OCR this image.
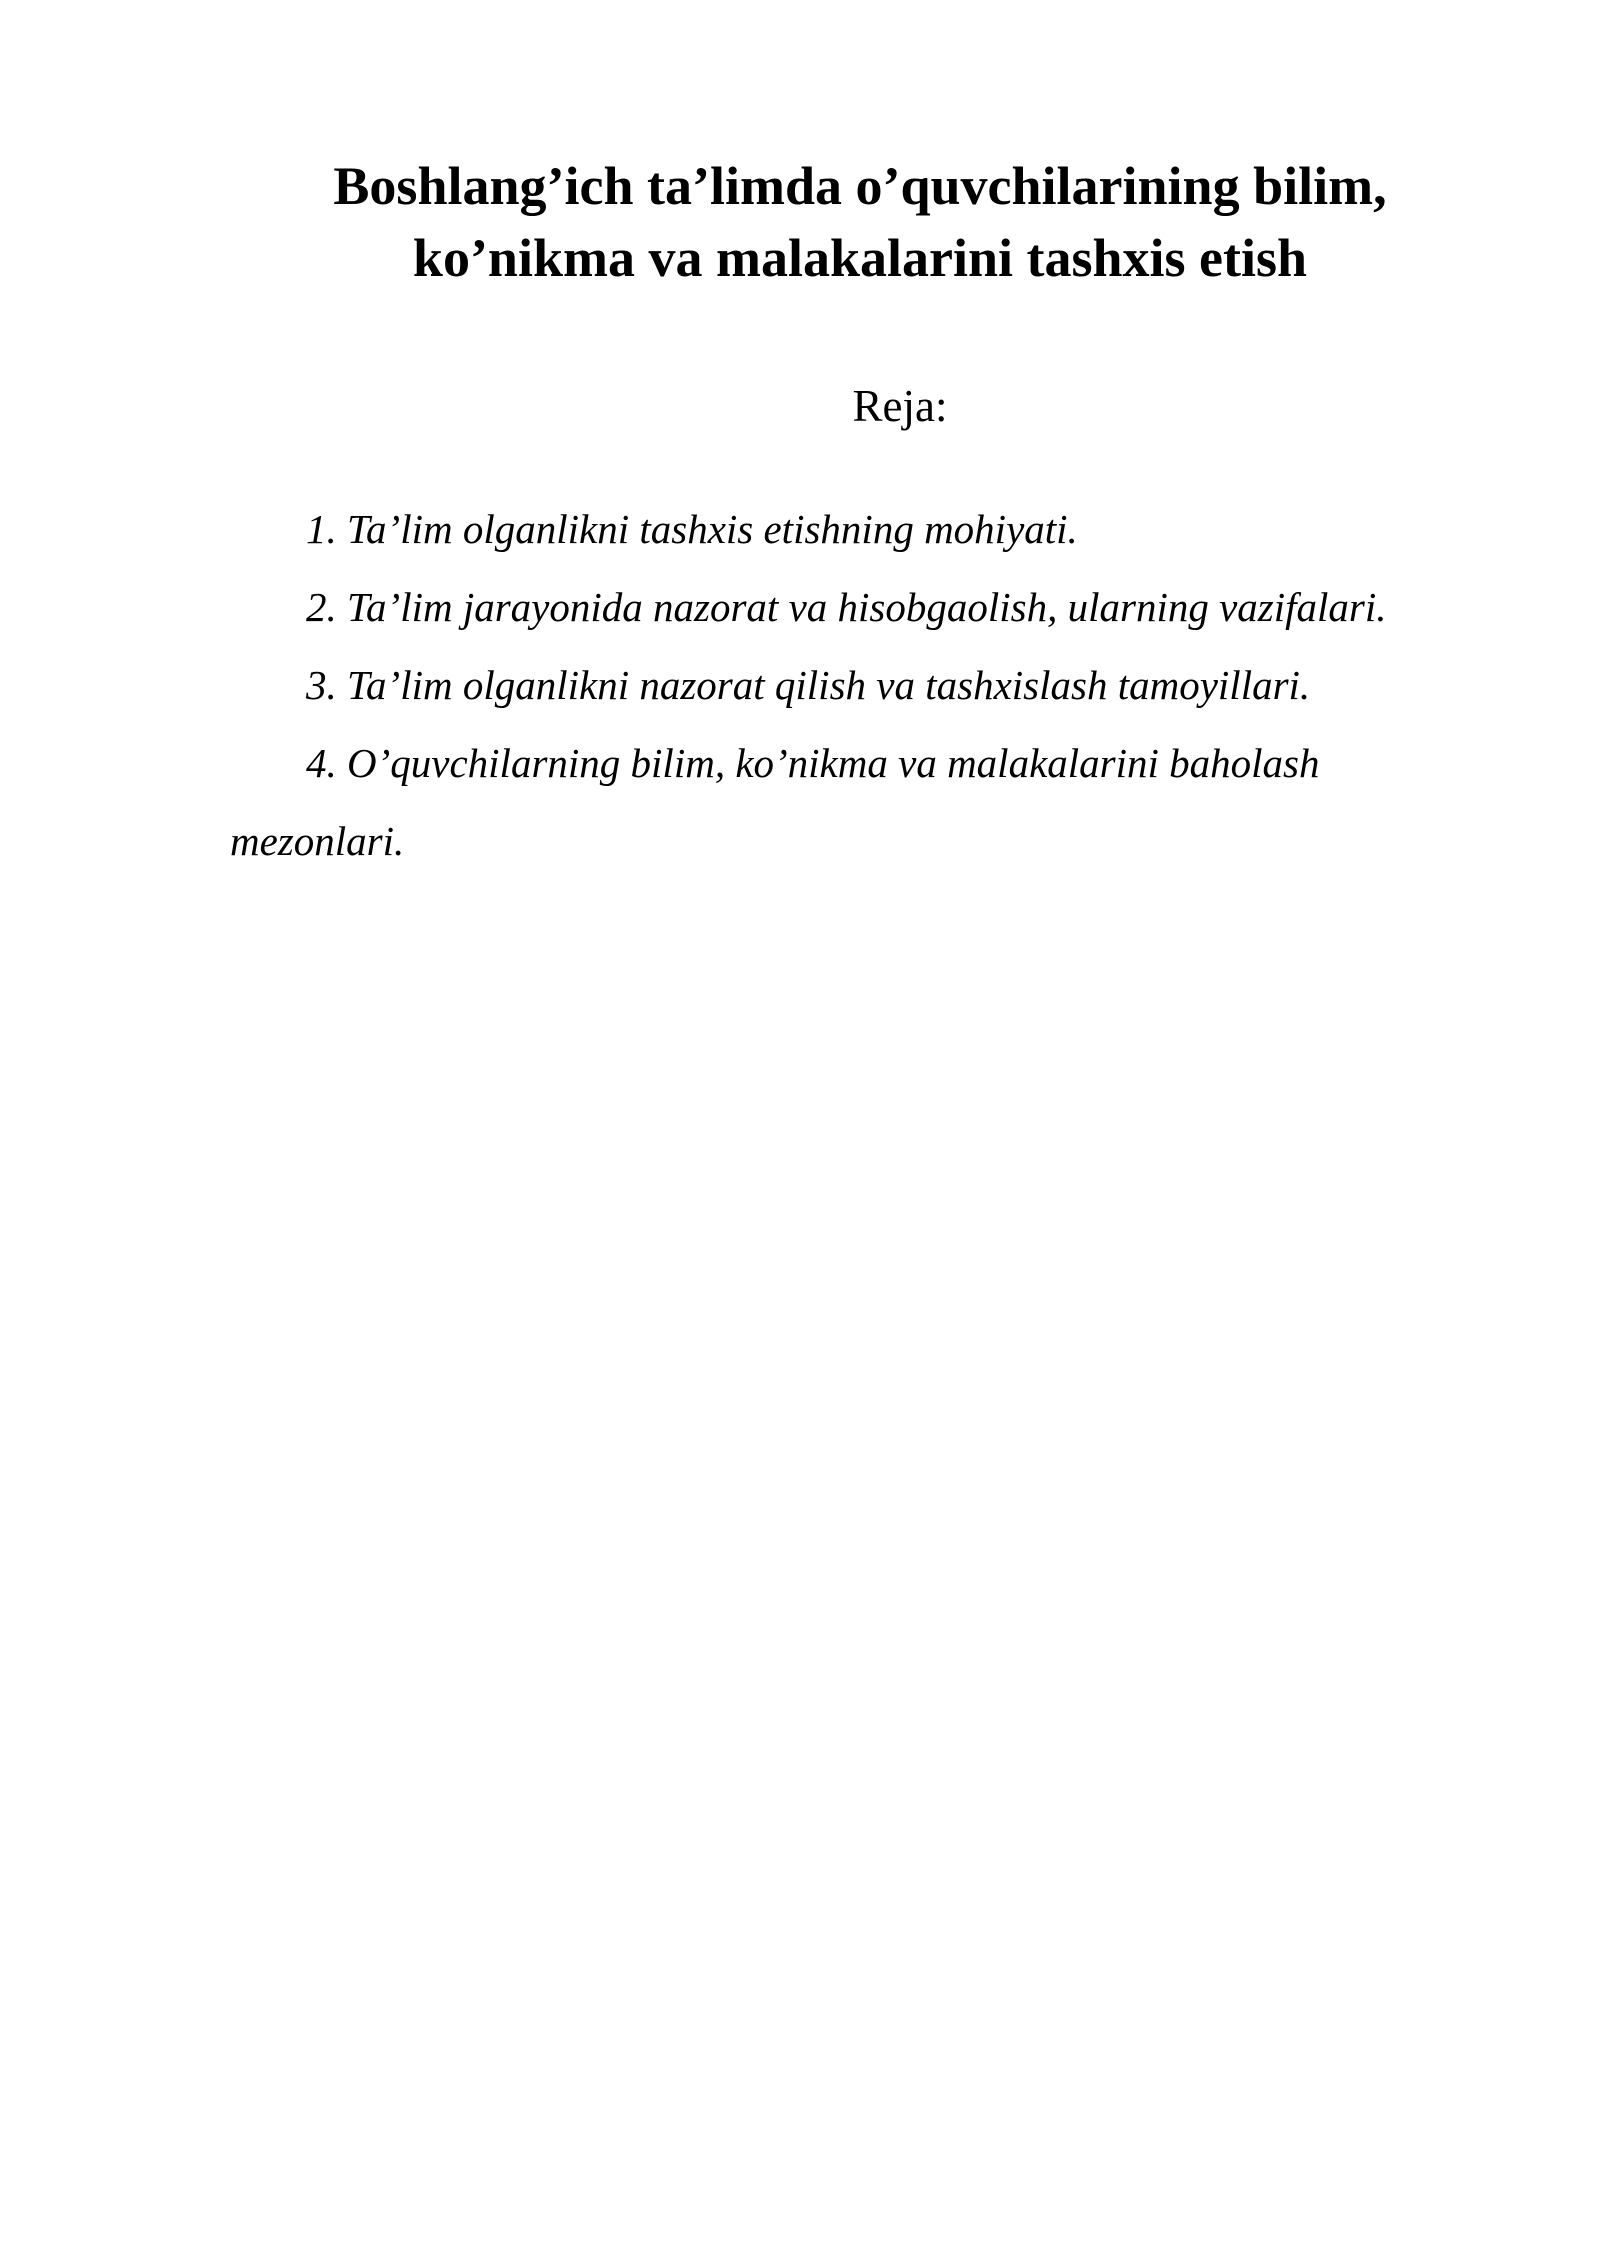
Boshlang’ich ta’limda o’quvchilarining bilim,
ko’nikma va malakalarini tashxis etish
Reja:
1. Ta’lim olganlikni tashxis etishning mohiyati.
2. Ta’lim jarayonida nazorat va hisobgaolish, ularning vazifalari.
3. Ta’lim olganlikni nazorat qilish va tashxislash tamoyillari.
4. O’quvchilarning bilim, ko’nikma va malakalarini baholash
mezonlari.
